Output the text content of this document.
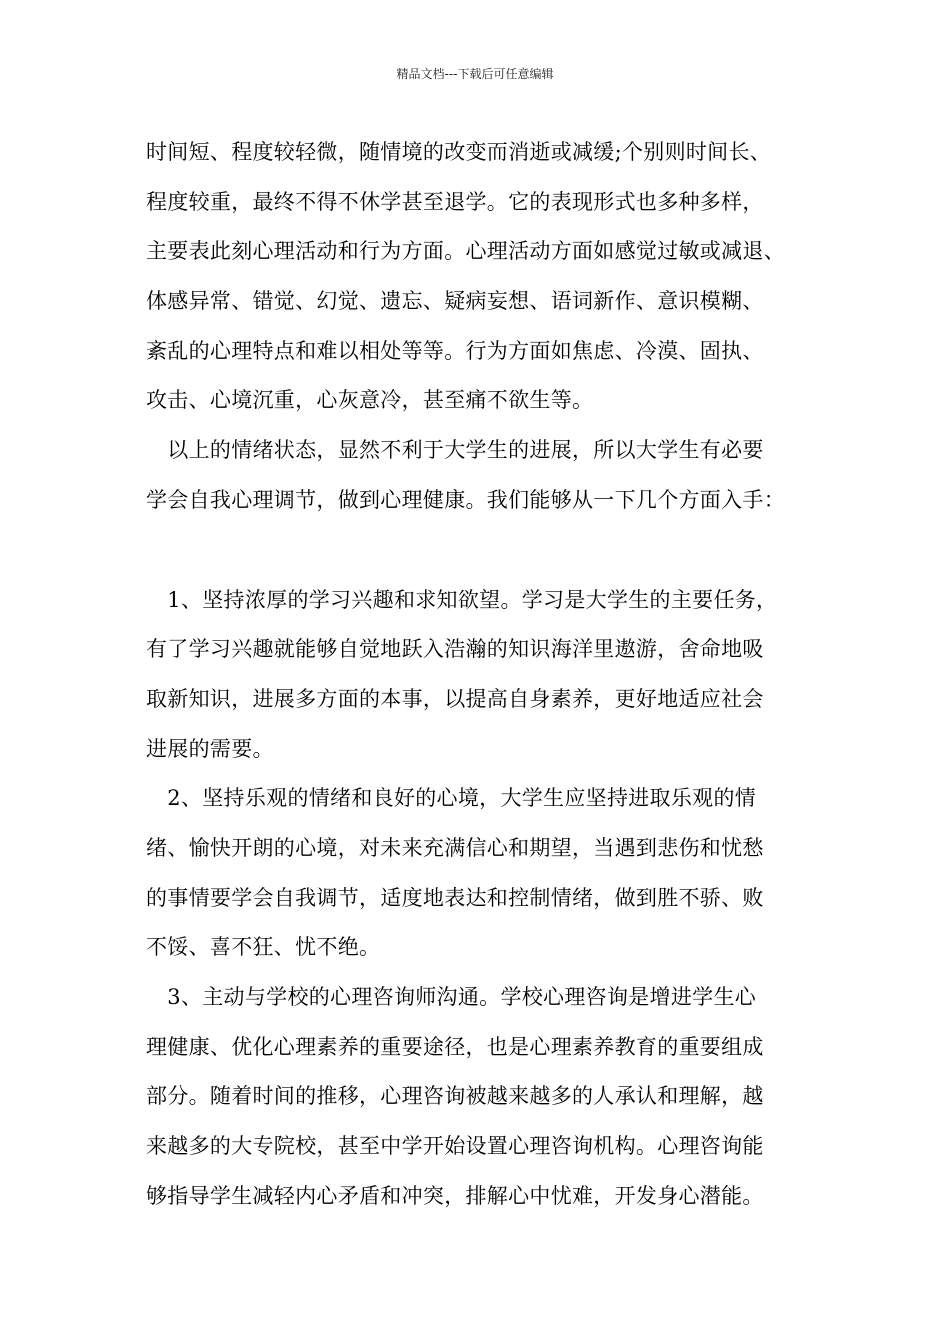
精品文档---下载后可任意编辑
时间短、程度较轻微，随情境的改变而消逝或减缓;个别则时间长、
程度较重，最终不得不休学甚至退学。它的表现形式也多种多样，
主要表此刻心理活动和行为方面。心理活动方面如感觉过敏或减退、
体感异常、错觉、幻觉、遗忘、疑病妄想、语词新作、意识模糊、
紊乱的心理特点和难以相处等等。行为方面如焦虑、冷漠、固执、
攻击、心境沉重，心灰意冷，甚至痛不欲生等。
　以上的情绪状态，显然不利于大学生的进展，所以大学生有必要
学会自我心理调节，做到心理健康。我们能够从一下几个方面入手：
　1、坚持浓厚的学习兴趣和求知欲望。学习是大学生的主要任务，
有了学习兴趣就能够自觉地跃入浩瀚的知识海洋里遨游，舍命地吸
取新知识，进展多方面的本事，以提高自身素养，更好地适应社会
进展的需要。
　2、坚持乐观的情绪和良好的心境，大学生应坚持进取乐观的情
绪、愉快开朗的心境，对未来充满信心和期望，当遇到悲伤和忧愁
的事情要学会自我调节，适度地表达和控制情绪，做到胜不骄、败
不馁、喜不狂、忧不绝。
　3、主动与学校的心理咨询师沟通。学校心理咨询是增进学生心
理健康、优化心理素养的重要途径，也是心理素养教育的重要组成
部分。随着时间的推移，心理咨询被越来越多的人承认和理解，越
来越多的大专院校，甚至中学开始设置心理咨询机构。心理咨询能
够指导学生减轻内心矛盾和冲突，排解心中忧难，开发身心潜能。
